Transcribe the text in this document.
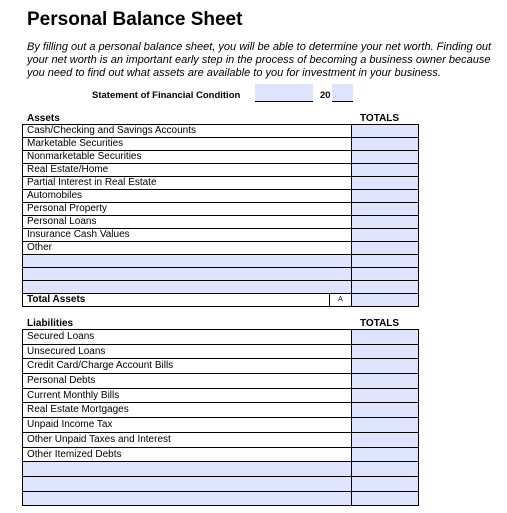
Personal Balance Sheet
By filling out a personal balance sheet, you will be able to determine your net worth. Finding out your net worth is an important early step in the process of becoming a business owner because you need to find out what assets are available to you for investment in your business.
Statement of Financial Condition	20
Assets	TOTALS
Cash/Checking and Savings Accounts
Marketable Securities
Nonmarketable Securities
Real Estate/Home
Partial Interest in Real Estate
Automobiles
Personal Property
Personal Loans
Insurance Cash Values
Other
Total Assets	A
Liabilities	TOTALS
Secured Loans
Unsecured Loans
Credit Card/Charge Account Bills
Personal Debts
Current Monthly Bills
Real Estate Mortgages
Unpaid Income Tax
Other Unpaid Taxes and Interest
Other Itemized Debts
